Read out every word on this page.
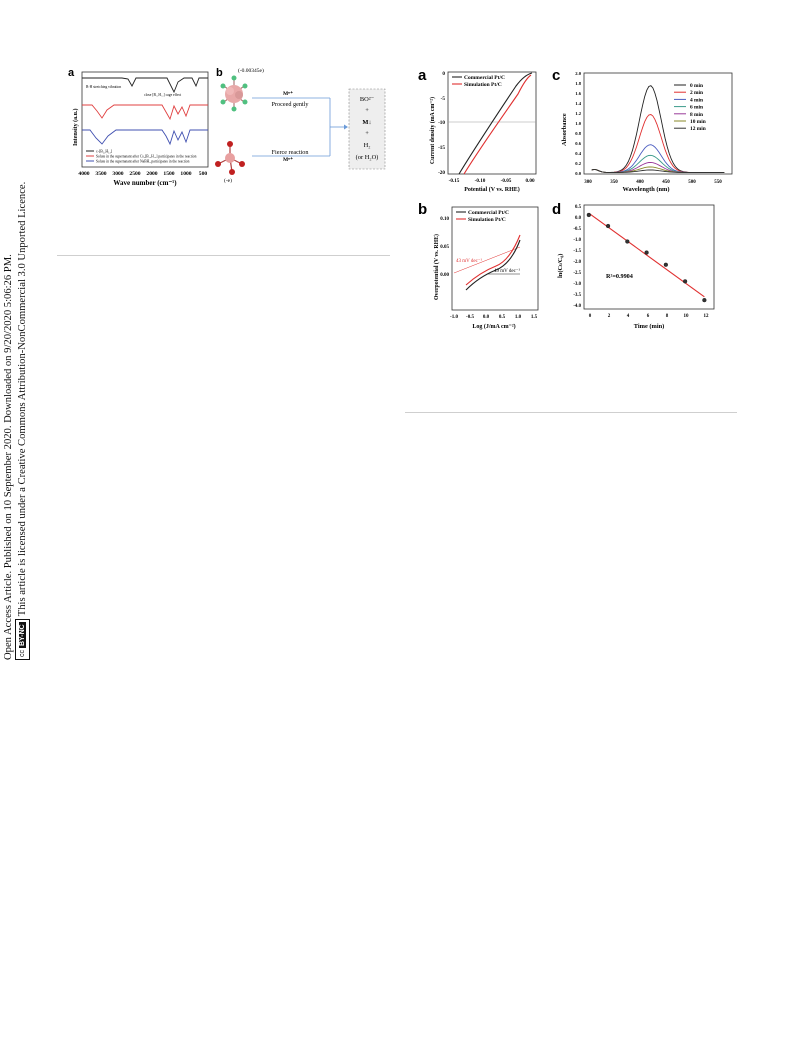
Open Access Article. Published on 10 September 2020. Downloaded on 9/20/2020 5:06:26 PM. cc BY-NCThis article is licensed under a Creative Commons Attribution-NonCommercial 3.0 Unported Licence.
a
B-H stretching vibration
close [B₁₂H₁₂] cage effect
c-[B₁₂H₁₂]
Solute in the supernatant after Cs₂[B₁₂H₁₂] participates in the reaction
Solute in the supernatant after NaBH₄ participates in the reaction
Intensity (a.u.)
4000 3500 3000 2500 2000 1500 1000 500
Wave number (cm⁻¹)
b	(-0.00345e)
(-e)
Mⁿ⁺
Proceed gently
Mⁿ⁺
Fierce reaction
BO²⁻
+
M↓
+
H₂
(or H₂O)
a	Commercial Pt/C
Simulation Pt/C
0
-5
-10
-15
-20
-0.15	-0.10	-0.05	0.00
Potential (V vs. RHE)
Current density (mA cm⁻²)
c	2.0
1.8
1.6
1.4
1.2
1.0
0.8
0.6
0.4
0.2
0.0
300	350	400	450	500	550
Wavelength (nm)
Absorbance
0 min
2 min
4 min
6 min
8 min
10 min
12 min
b	Commercial Pt/C
Simulation Pt/C
43 mV dec⁻¹
49 mV dec⁻¹
0.10
0.05
0.00
-1.0 -0.5 0.0 0.5 1.0 1.5
Log (J/mA cm⁻²)
Overpotential (V vs. RHE)
d	0.5
0.0
-0.5
-1.0
-1.5
-2.0
-2.5
-3.0
-3.5
-4.0
0	2	4	6	8	10	12
Time (min)
ln(Cₜ/C₀)	R²=0.9904
